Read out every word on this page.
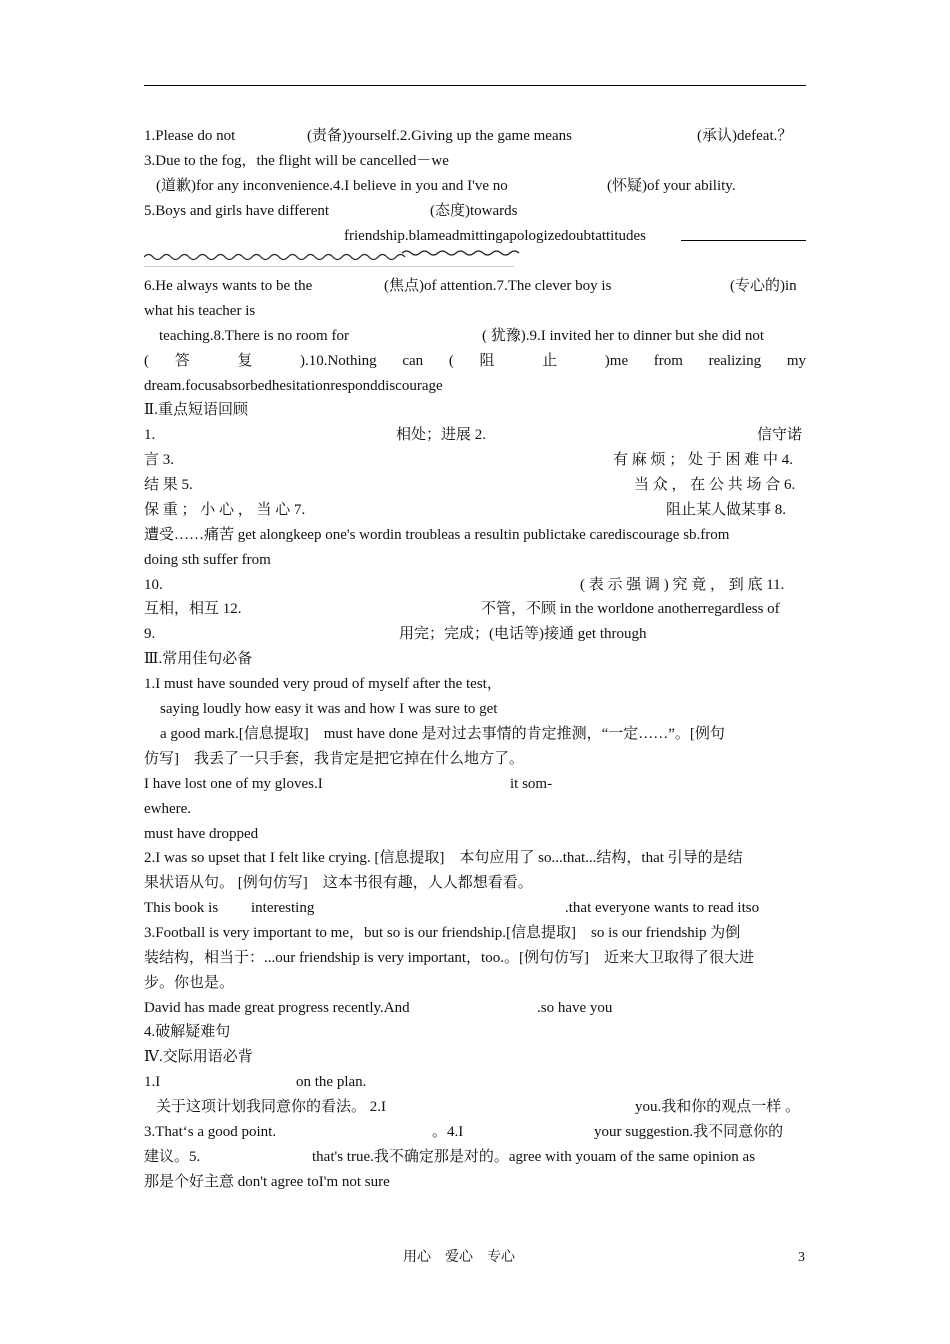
1.Please do not	(责备)yourself.2.Giving up the game means	(承认)defeat.？
3.Due to the fog，the flight will be cancelled－we
(道歉)for any inconvenience.4.I believe in you and I've no	(怀疑)of your ability.
5.Boys and girls have different	(态度)towards
friendship.blameadmittingapologizedoubtattitudes
6.He always wants to be the	(焦点)of attention.7.The clever boy is	(专心的)in
what his teacher is
teaching.8.There is no room for	( 犹豫).9.I invited her to dinner but she did not
( 答 复 ).10.Nothing can ( 阻 止 )me from realizing my
dream.focusabsorbedhesitationresponddiscourage
Ⅱ.重点短语回顾
1.	相处；进展 2.	信守诺
言 3.	有 麻 烦 ； 处 于 困 难 中 4.
结 果 5.	当 众 ， 在 公 共 场 合 6.
保 重 ； 小 心 ， 当 心 7.	阻止某人做某事 8.
遭受……痛苦 get alongkeep one's wordin troubleas a resultin publictake carediscourage sb.from
doing sth suffer from
10.	( 表 示 强 调 ) 究 竟 ， 到 底 11.
互相，相互 12.	不管，不顾 in the worldone anotherregardless of
9.	用完；完成；(电话等)接通 get through
Ⅲ.常用佳句必备
1.I must have sounded very proud of myself after the test，
saying loudly how easy it was and how I was sure to get
a good mark.[信息提取]　must have done 是对过去事情的肯定推测，“一定……”。[例句
仿写]　我丢了一只手套，我肯定是把它掉在什么地方了。
I have lost one of my gloves.I	it som-
ewhere.
must have dropped
2.I was so upset that I felt like crying. [信息提取]　本句应用了 so...that...结构，that 引导的是结
果状语从句。 [例句仿写]　这本书很有趣，人人都想看看。
This book is interesting	.that everyone wants to read itso
3.Football is very important to me，but so is our friendship.[信息提取]　so is our friendship 为倒
装结构，相当于：...our friendship is very important，too.。[例句仿写]　近来大卫取得了很大进
步。你也是。
David has made great progress recently.And	.so have you
4.破解疑难句
Ⅳ.交际用语必背
1.I	on the plan.
关于这项计划我同意你的看法。 2.I	you.我和你的观点一样 。
3.That‘s a good point.	。4.I	your suggestion.我不同意你的
建议。5.	that's true.我不确定那是对的。agree with youam of the same opinion as
那是个好主意 don't agree toI'm not sure
用心　爱心　专心	3
